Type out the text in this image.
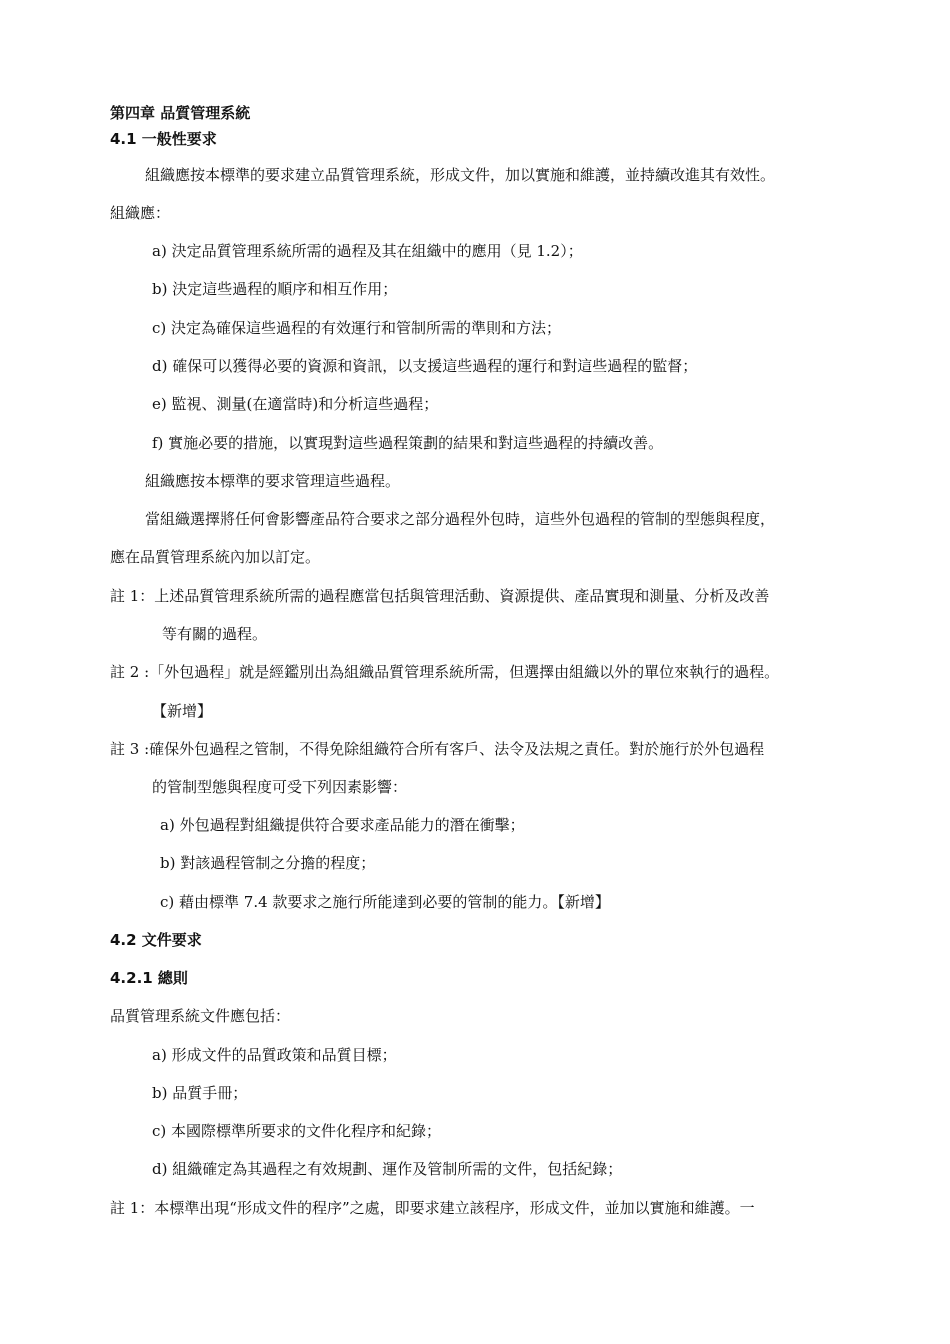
第四章 品質管理系統
4.1 一般性要求
組織應按本標準的要求建立品質管理系統，形成文件，加以實施和維護，並持續改進其有效性。
組織應：
a) 決定品質管理系統所需的過程及其在組織中的應用（見 1.2）；
b) 決定這些過程的順序和相互作用；
c) 決定為確保這些過程的有效運行和管制所需的準則和方法；
d) 確保可以獲得必要的資源和資訊，以支援這些過程的運行和對這些過程的監督；
e) 監視、測量(在適當時)和分析這些過程；
f) 實施必要的措施，以實現對這些過程策劃的結果和對這些過程的持續改善。
組織應按本標準的要求管理這些過程。
當組織選擇將任何會影響產品符合要求之部分過程外包時，這些外包過程的管制的型態與程度，
應在品質管理系統內加以訂定。
註 1：上述品質管理系統所需的過程應當包括與管理活動、資源提供、產品實現和測量、分析及改善
等有關的過程。
註 2 :「外包過程」就是經鑑別出為組織品質管理系統所需，但選擇由組織以外的單位來執行的過程。
【新增】
註 3 :確保外包過程之管制，不得免除組織符合所有客戶、法令及法規之責任。對於施行於外包過程
的管制型態與程度可受下列因素影響：
a) 外包過程對組織提供符合要求產品能力的潛在衝擊；
b) 對該過程管制之分擔的程度；
c) 藉由標準 7.4 款要求之施行所能達到必要的管制的能力。【新增】
4.2 文件要求
4.2.1 總則
品質管理系統文件應包括：
a) 形成文件的品質政策和品質目標；
b) 品質手冊；
c) 本國際標準所要求的文件化程序和紀錄；
d) 組織確定為其過程之有效規劃、運作及管制所需的文件，包括紀錄；
註 1：本標準出現“形成文件的程序”之處，即要求建立該程序，形成文件，並加以實施和維護。一
